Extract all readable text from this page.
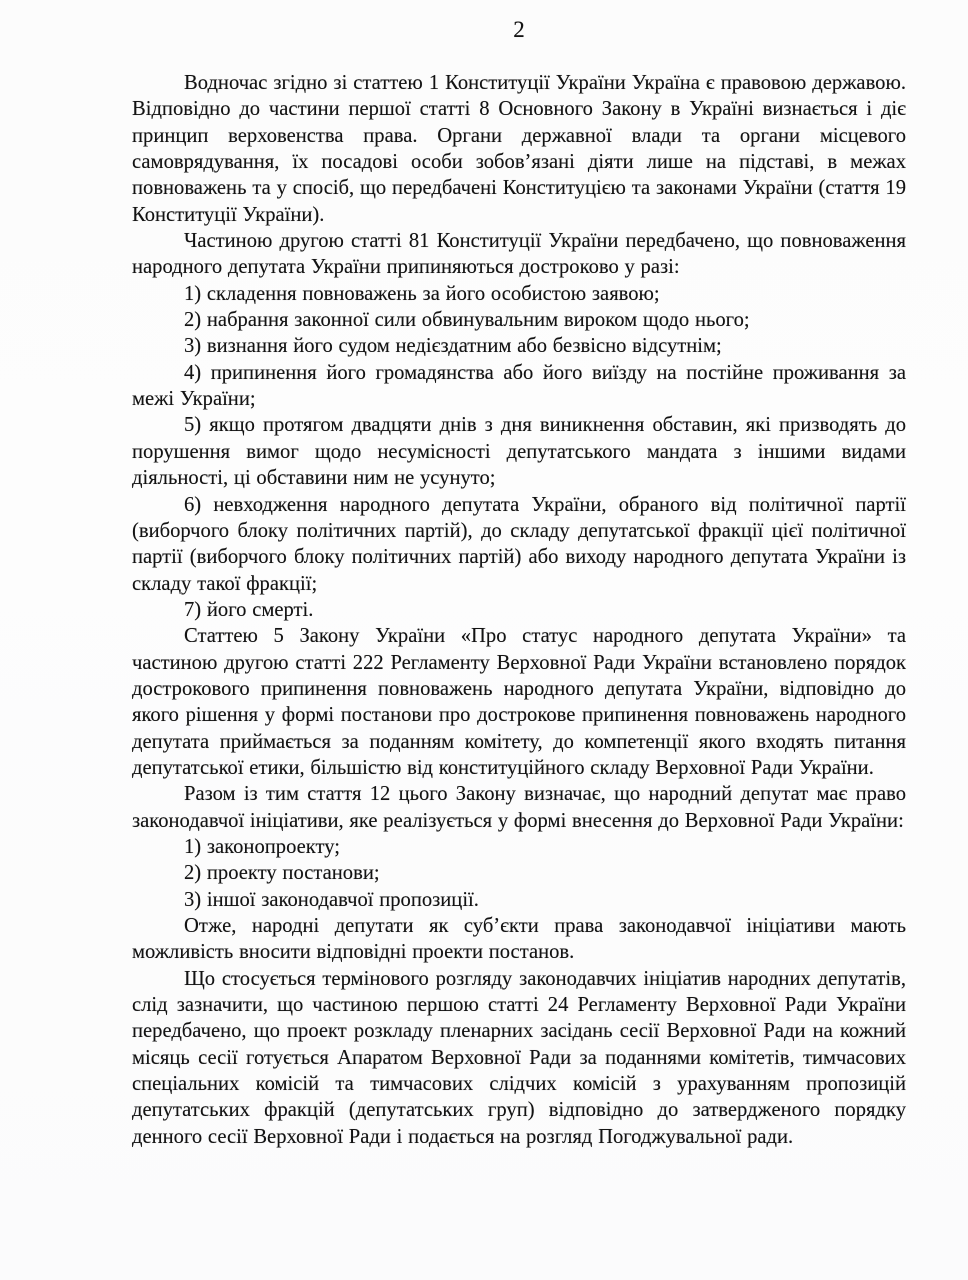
2

Водночас згідно зі статтею 1 Конституції України Україна є правовою державою. Відповідно до частини першої статті 8 Основного Закону в Україні визнається і діє принцип верховенства права. Органи державної влади та органи місцевого самоврядування, їх посадові особи зобов’язані діяти лише на підставі, в межах повноважень та у спосіб, що передбачені Конституцією та законами України (стаття 19 Конституції України).

Частиною другою статті 81 Конституції України передбачено, що повноваження народного депутата України припиняються достроково у разі:

1) складення повноважень за його особистою заявою;

2) набрання законної сили обвинувальним вироком щодо нього;

3) визнання його судом недієздатним або безвісно відсутнім;

4) припинення його громадянства або його виїзду на постійне проживання за межі України;

5) якщо протягом двадцяти днів з дня виникнення обставин, які призводять до порушення вимог щодо несумісності депутатського мандата з іншими видами діяльності, ці обставини ним не усунуто;

6) невходження народного депутата України, обраного від політичної партії (виборчого блоку політичних партій), до складу депутатської фракції цієї політичної партії (виборчого блоку політичних партій) або виходу народного депутата України із складу такої фракції;

7) його смерті.

Статтею 5 Закону України «Про статус народного депутата України» та частиною другою статті 222 Регламенту Верховної Ради України встановлено порядок дострокового припинення повноважень народного депутата України, відповідно до якого рішення у формі постанови про дострокове припинення повноважень народного депутата приймається за поданням комітету, до компетенції якого входять питання депутатської етики, більшістю від конституційного складу Верховної Ради України.

Разом із тим стаття 12 цього Закону визначає, що народний депутат має право законодавчої ініціативи, яке реалізується у формі внесення до Верховної Ради України:

1) законопроекту;

2) проекту постанови;

3) іншої законодавчої пропозиції.

Отже, народні депутати як суб’єкти права законодавчої ініціативи мають можливість вносити відповідні проекти постанов.

Що стосується термінового розгляду законодавчих ініціатив народних депутатів, слід зазначити, що частиною першою статті 24 Регламенту Верховної Ради України передбачено, що проект розкладу пленарних засідань сесії Верховної Ради на кожний місяць сесії готується Апаратом Верховної Ради за поданнями комітетів, тимчасових спеціальних комісій та тимчасових слідчих комісій з урахуванням пропозицій депутатських фракцій (депутатських груп) відповідно до затвердженого порядку денного сесії Верховної Ради і подається на розгляд Погоджувальної ради.
